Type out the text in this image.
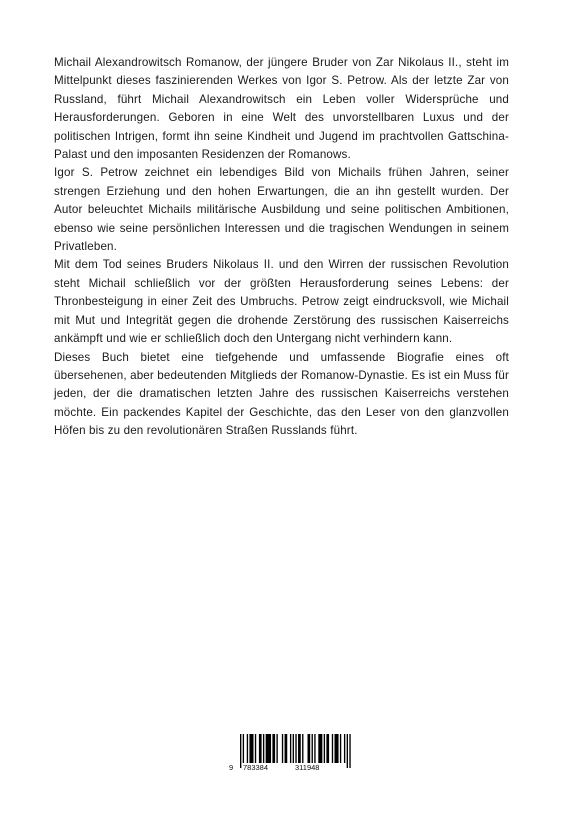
Michail Alexandrowitsch Romanow, der jüngere Bruder von Zar Nikolaus II., steht im Mittelpunkt dieses faszinierenden Werkes von Igor S. Petrow. Als der letzte Zar von Russland, führt Michail Alexandrowitsch ein Leben voller Widersprüche und Herausforderungen. Geboren in eine Welt des unvorstellbaren Luxus und der politischen Intrigen, formt ihn seine Kindheit und Jugend im prachtvollen Gattschina-Palast und den imposanten Residenzen der Romanows.

Igor S. Petrow zeichnet ein lebendiges Bild von Michails frühen Jahren, seiner strengen Erziehung und den hohen Erwartungen, die an ihn gestellt wurden. Der Autor beleuchtet Michails militärische Ausbildung und seine politischen Ambitionen, ebenso wie seine persönlichen Interessen und die tragischen Wendungen in seinem Privatleben.

Mit dem Tod seines Bruders Nikolaus II. und den Wirren der russischen Revolution steht Michail schließlich vor der größten Herausforderung seines Lebens: der Thronbesteigung in einer Zeit des Umbruchs. Petrow zeigt eindrucksvoll, wie Michail mit Mut und Integrität gegen die drohende Zerstörung des russischen Kaiserreichs ankämpft und wie er schließlich doch den Untergang nicht verhindern kann.

Dieses Buch bietet eine tiefgehende und umfassende Biografie eines oft übersehenen, aber bedeutenden Mitglieds der Romanow-Dynastie. Es ist ein Muss für jeden, der die dramatischen letzten Jahre des russischen Kaiserreichs verstehen möchte. Ein packendes Kapitel der Geschichte, das den Leser von den glanzvollen Höfen bis zu den revolutionären Straßen Russlands führt.

9 783384	311948
